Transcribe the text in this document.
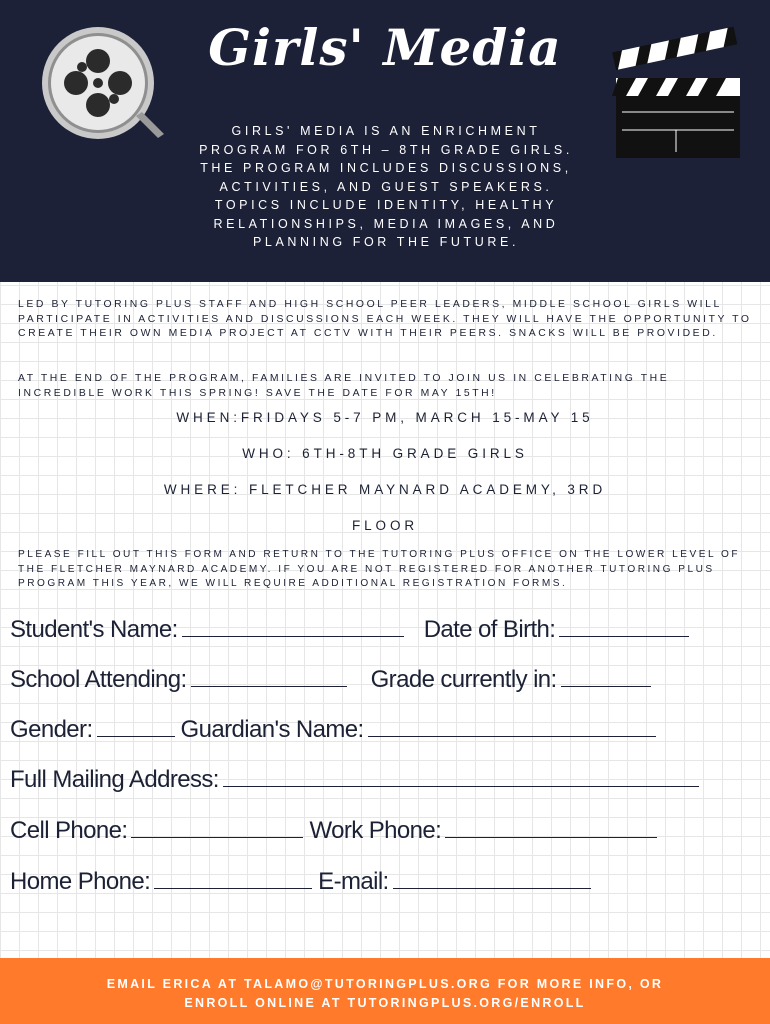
Girls' Media
GIRLS' MEDIA IS AN ENRICHMENT PROGRAM FOR 6TH – 8TH GRADE GIRLS. THE PROGRAM INCLUDES DISCUSSIONS, ACTIVITIES, AND GUEST SPEAKERS. TOPICS INCLUDE IDENTITY, HEALTHY RELATIONSHIPS, MEDIA IMAGES, AND PLANNING FOR THE FUTURE.
LED BY TUTORING PLUS STAFF AND HIGH SCHOOL PEER LEADERS, MIDDLE SCHOOL GIRLS WILL PARTICIPATE IN ACTIVITIES AND DISCUSSIONS EACH WEEK. THEY WILL HAVE THE OPPORTUNITY TO CREATE THEIR OWN MEDIA PROJECT AT CCTV WITH THEIR PEERS. SNACKS WILL BE PROVIDED.
AT THE END OF THE PROGRAM, FAMILIES ARE INVITED TO JOIN US IN CELEBRATING THE INCREDIBLE WORK THIS SPRING! SAVE THE DATE FOR MAY 15TH!
WHEN:FRIDAYS 5-7 PM, MARCH 15-MAY 15
WHO: 6TH-8TH GRADE GIRLS
WHERE: FLETCHER MAYNARD ACADEMY, 3RD
FLOOR
PLEASE FILL OUT THIS FORM AND RETURN TO THE TUTORING PLUS OFFICE ON THE LOWER LEVEL OF THE FLETCHER MAYNARD ACADEMY. IF YOU ARE NOT REGISTERED FOR ANOTHER TUTORING PLUS PROGRAM THIS YEAR, WE WILL REQUIRE ADDITIONAL REGISTRATION FORMS.
Student's Name:	Date of Birth:
School Attending:	Grade currently in:
Gender:	Guardian's Name:
Full Mailing Address:
Cell Phone:	Work Phone:
Home Phone:	E-mail:
EMAIL ERICA AT TALAMO@TUTORINGPLUS.ORG FOR MORE INFO, OR
ENROLL ONLINE AT TUTORINGPLUS.ORG/ENROLL
